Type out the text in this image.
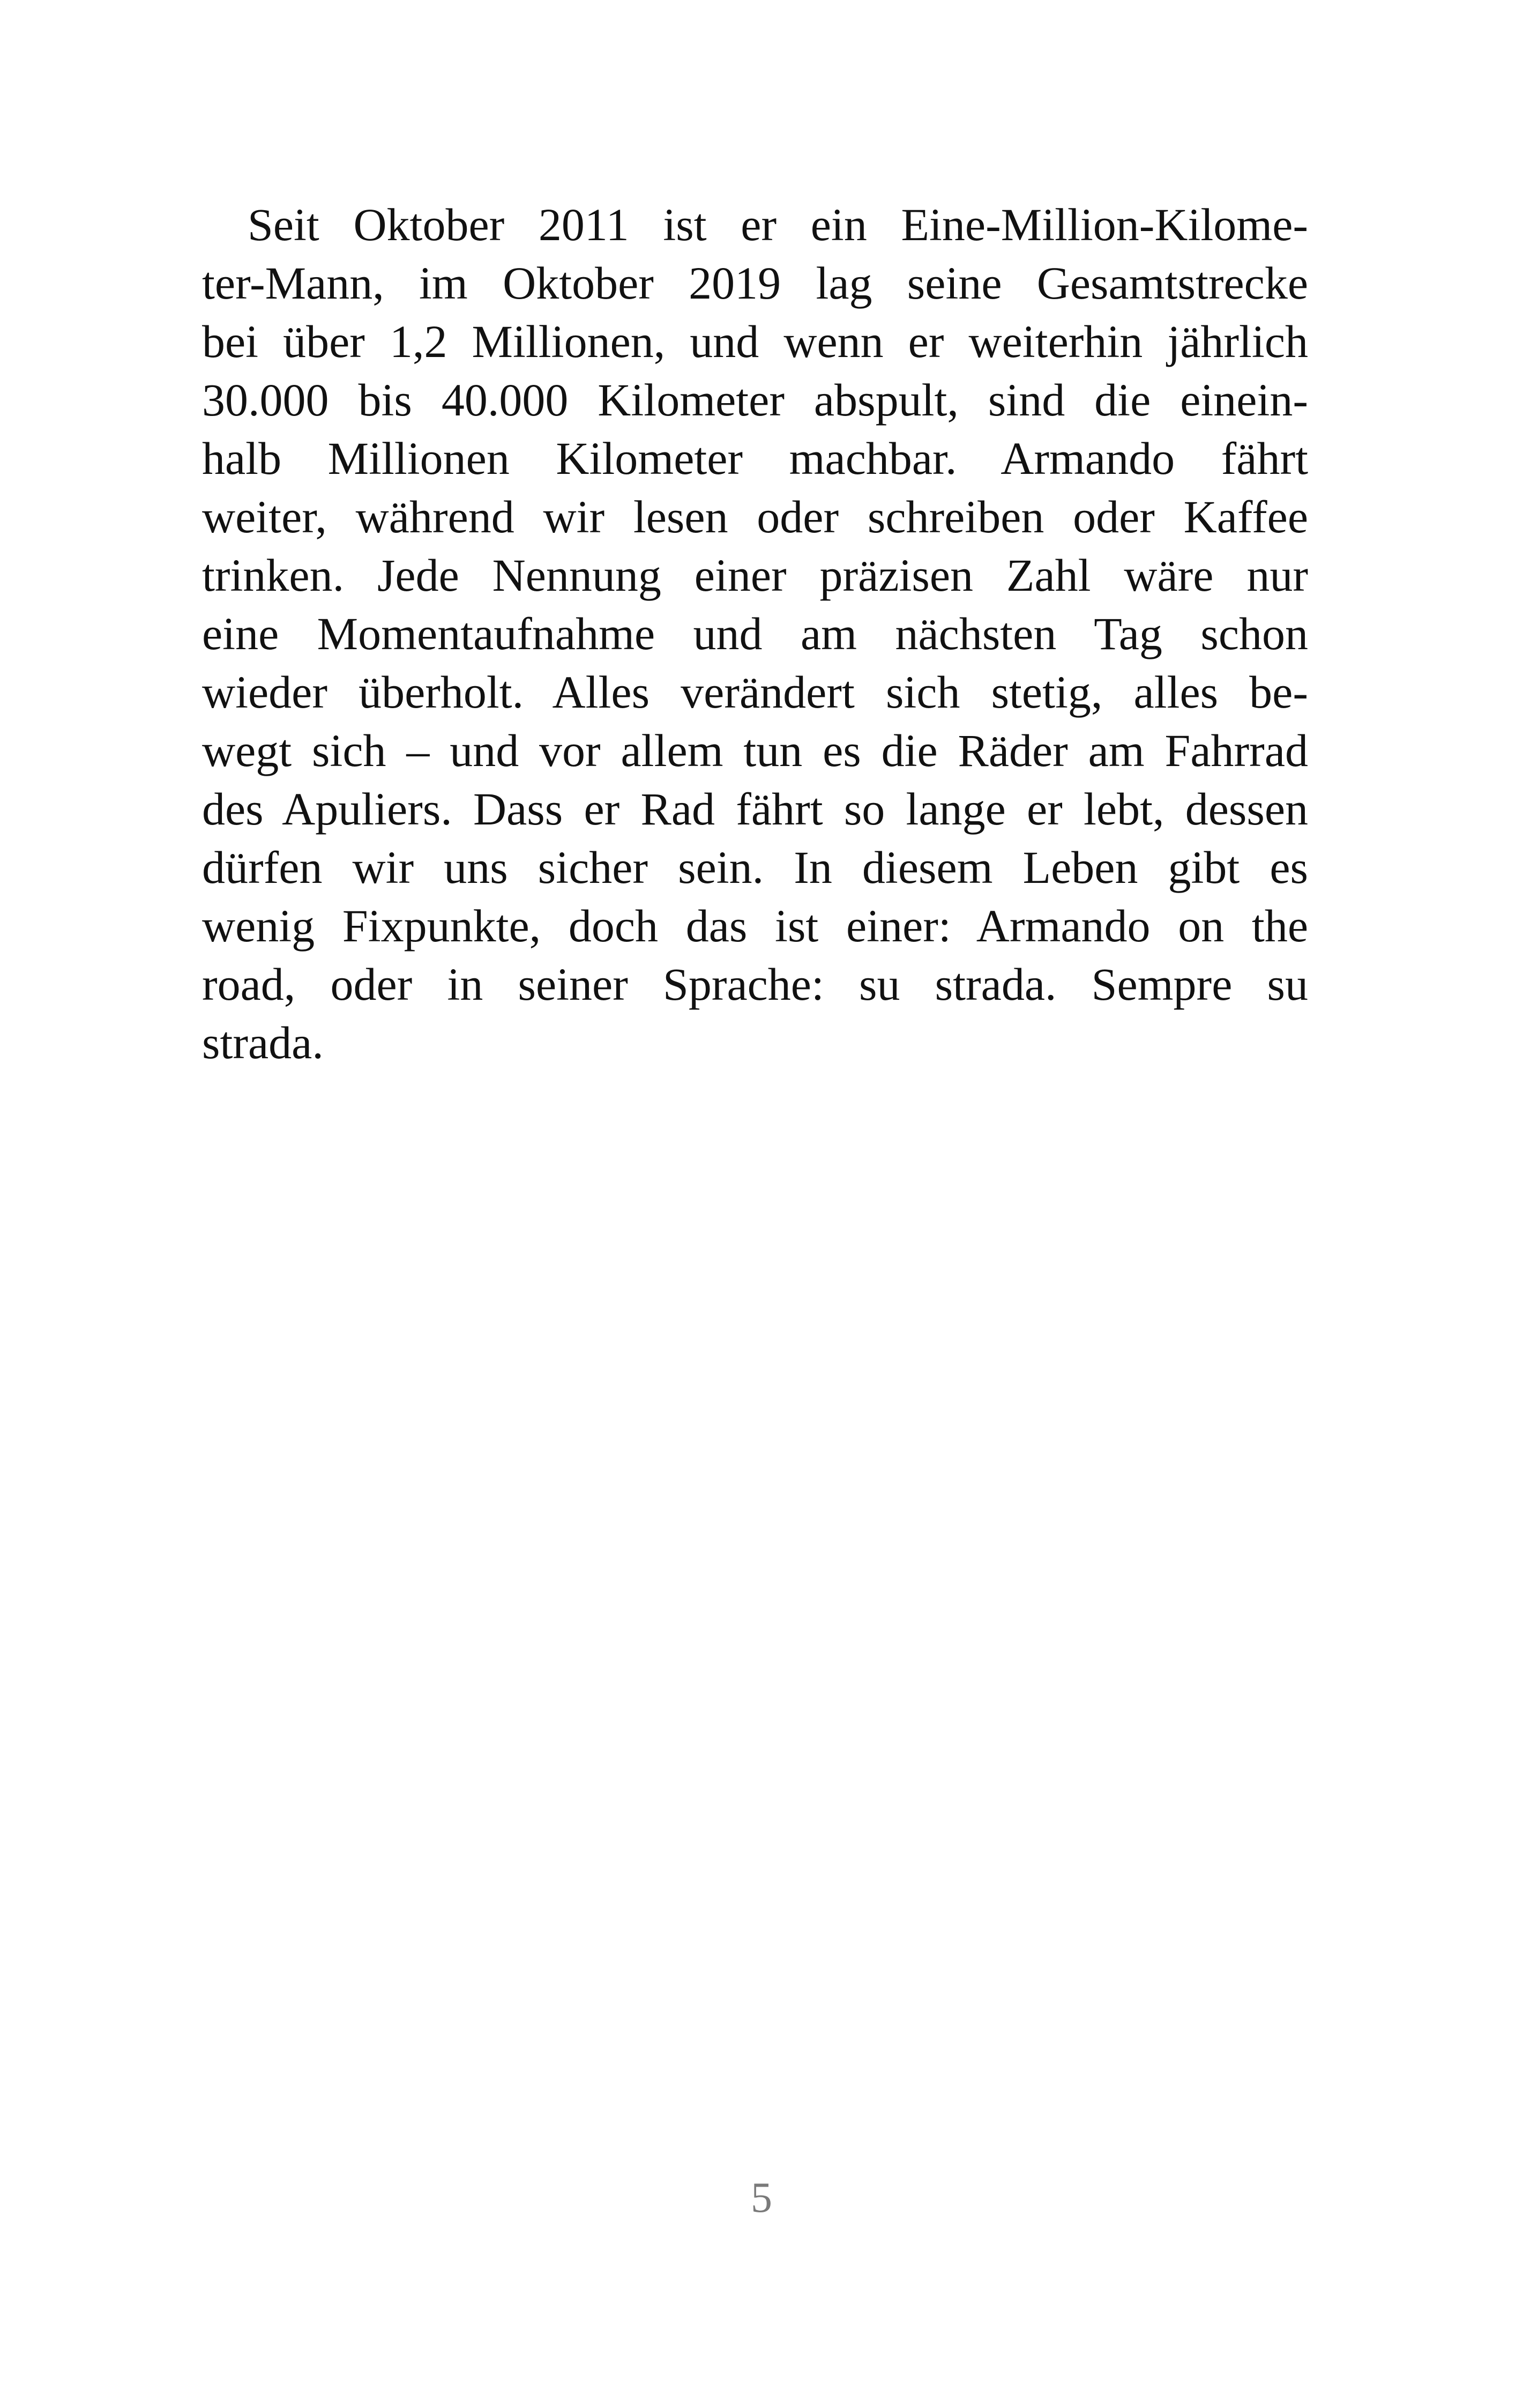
Seit Oktober 2011 ist er ein Eine-Million-Kilome-
ter-Mann, im Oktober 2019 lag seine Gesamtstrecke
bei über 1,2 Millionen, und wenn er weiterhin jährlich
30.000 bis 40.000 Kilometer abspult, sind die einein-
halb Millionen Kilometer machbar. Armando fährt
weiter, während wir lesen oder schreiben oder Kaffee
trinken. Jede Nennung einer präzisen Zahl wäre nur
eine Momentaufnahme und am nächsten Tag schon
wieder überholt. Alles verändert sich stetig, alles be-
wegt sich – und vor allem tun es die Räder am Fahrrad
des Apuliers. Dass er Rad fährt so lange er lebt, dessen
dürfen wir uns sicher sein. In diesem Leben gibt es
wenig Fixpunkte, doch das ist einer: Armando on the
road, oder in seiner Sprache: su strada. Sempre su
strada.
5
